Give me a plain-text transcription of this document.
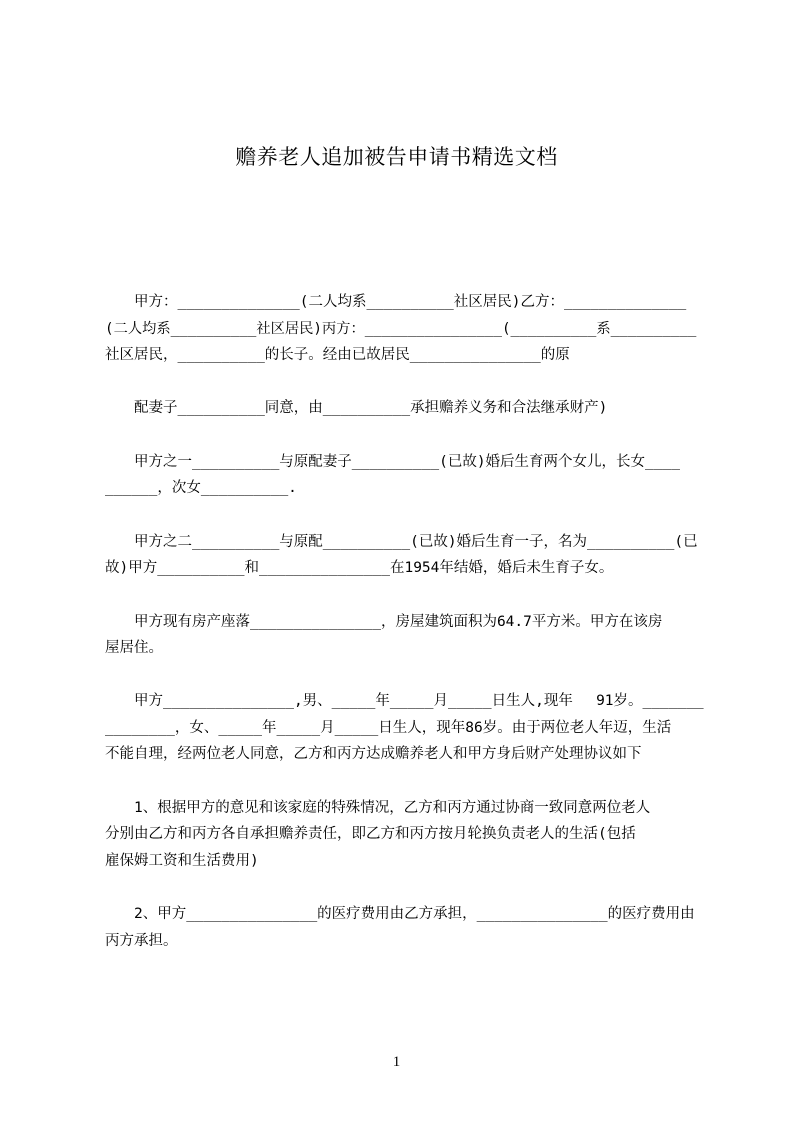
赡养老人追加被告申请书精选文档
　　甲方：______________(二人均系__________社区居民)乙方：______________
(二人均系__________社区居民)丙方：________________(__________系__________
社区居民，__________的长子。经由已故居民_______________的原
　　配妻子__________同意，由__________承担赡养义务和合法继承财产)
　　甲方之一__________与原配妻子__________(已故)婚后生育两个女儿，长女____
______，次女__________.
　　甲方之二__________与原配__________(已故)婚后生育一子，名为__________(已
故)甲方__________和_______________在1954年结婚，婚后未生育子女。
　　甲方现有房产座落_______________，房屋建筑面积为64.7平方米。甲方在该房
屋居住。
　　甲方_______________,男、_____年_____月_____日生人,现年　 91岁。_______
________，女、_____年_____月_____日生人，现年86岁。由于两位老人年迈，生活
不能自理，经两位老人同意，乙方和丙方达成赡养老人和甲方身后财产处理协议如下
　　1、根据甲方的意见和该家庭的特殊情况，乙方和丙方通过协商一致同意两位老人
分别由乙方和丙方各自承担赡养责任，即乙方和丙方按月轮换负责老人的生活(包括
雇保姆工资和生活费用)
　　2、甲方_______________的医疗费用由乙方承担，_______________的医疗费用由
丙方承担。
1
